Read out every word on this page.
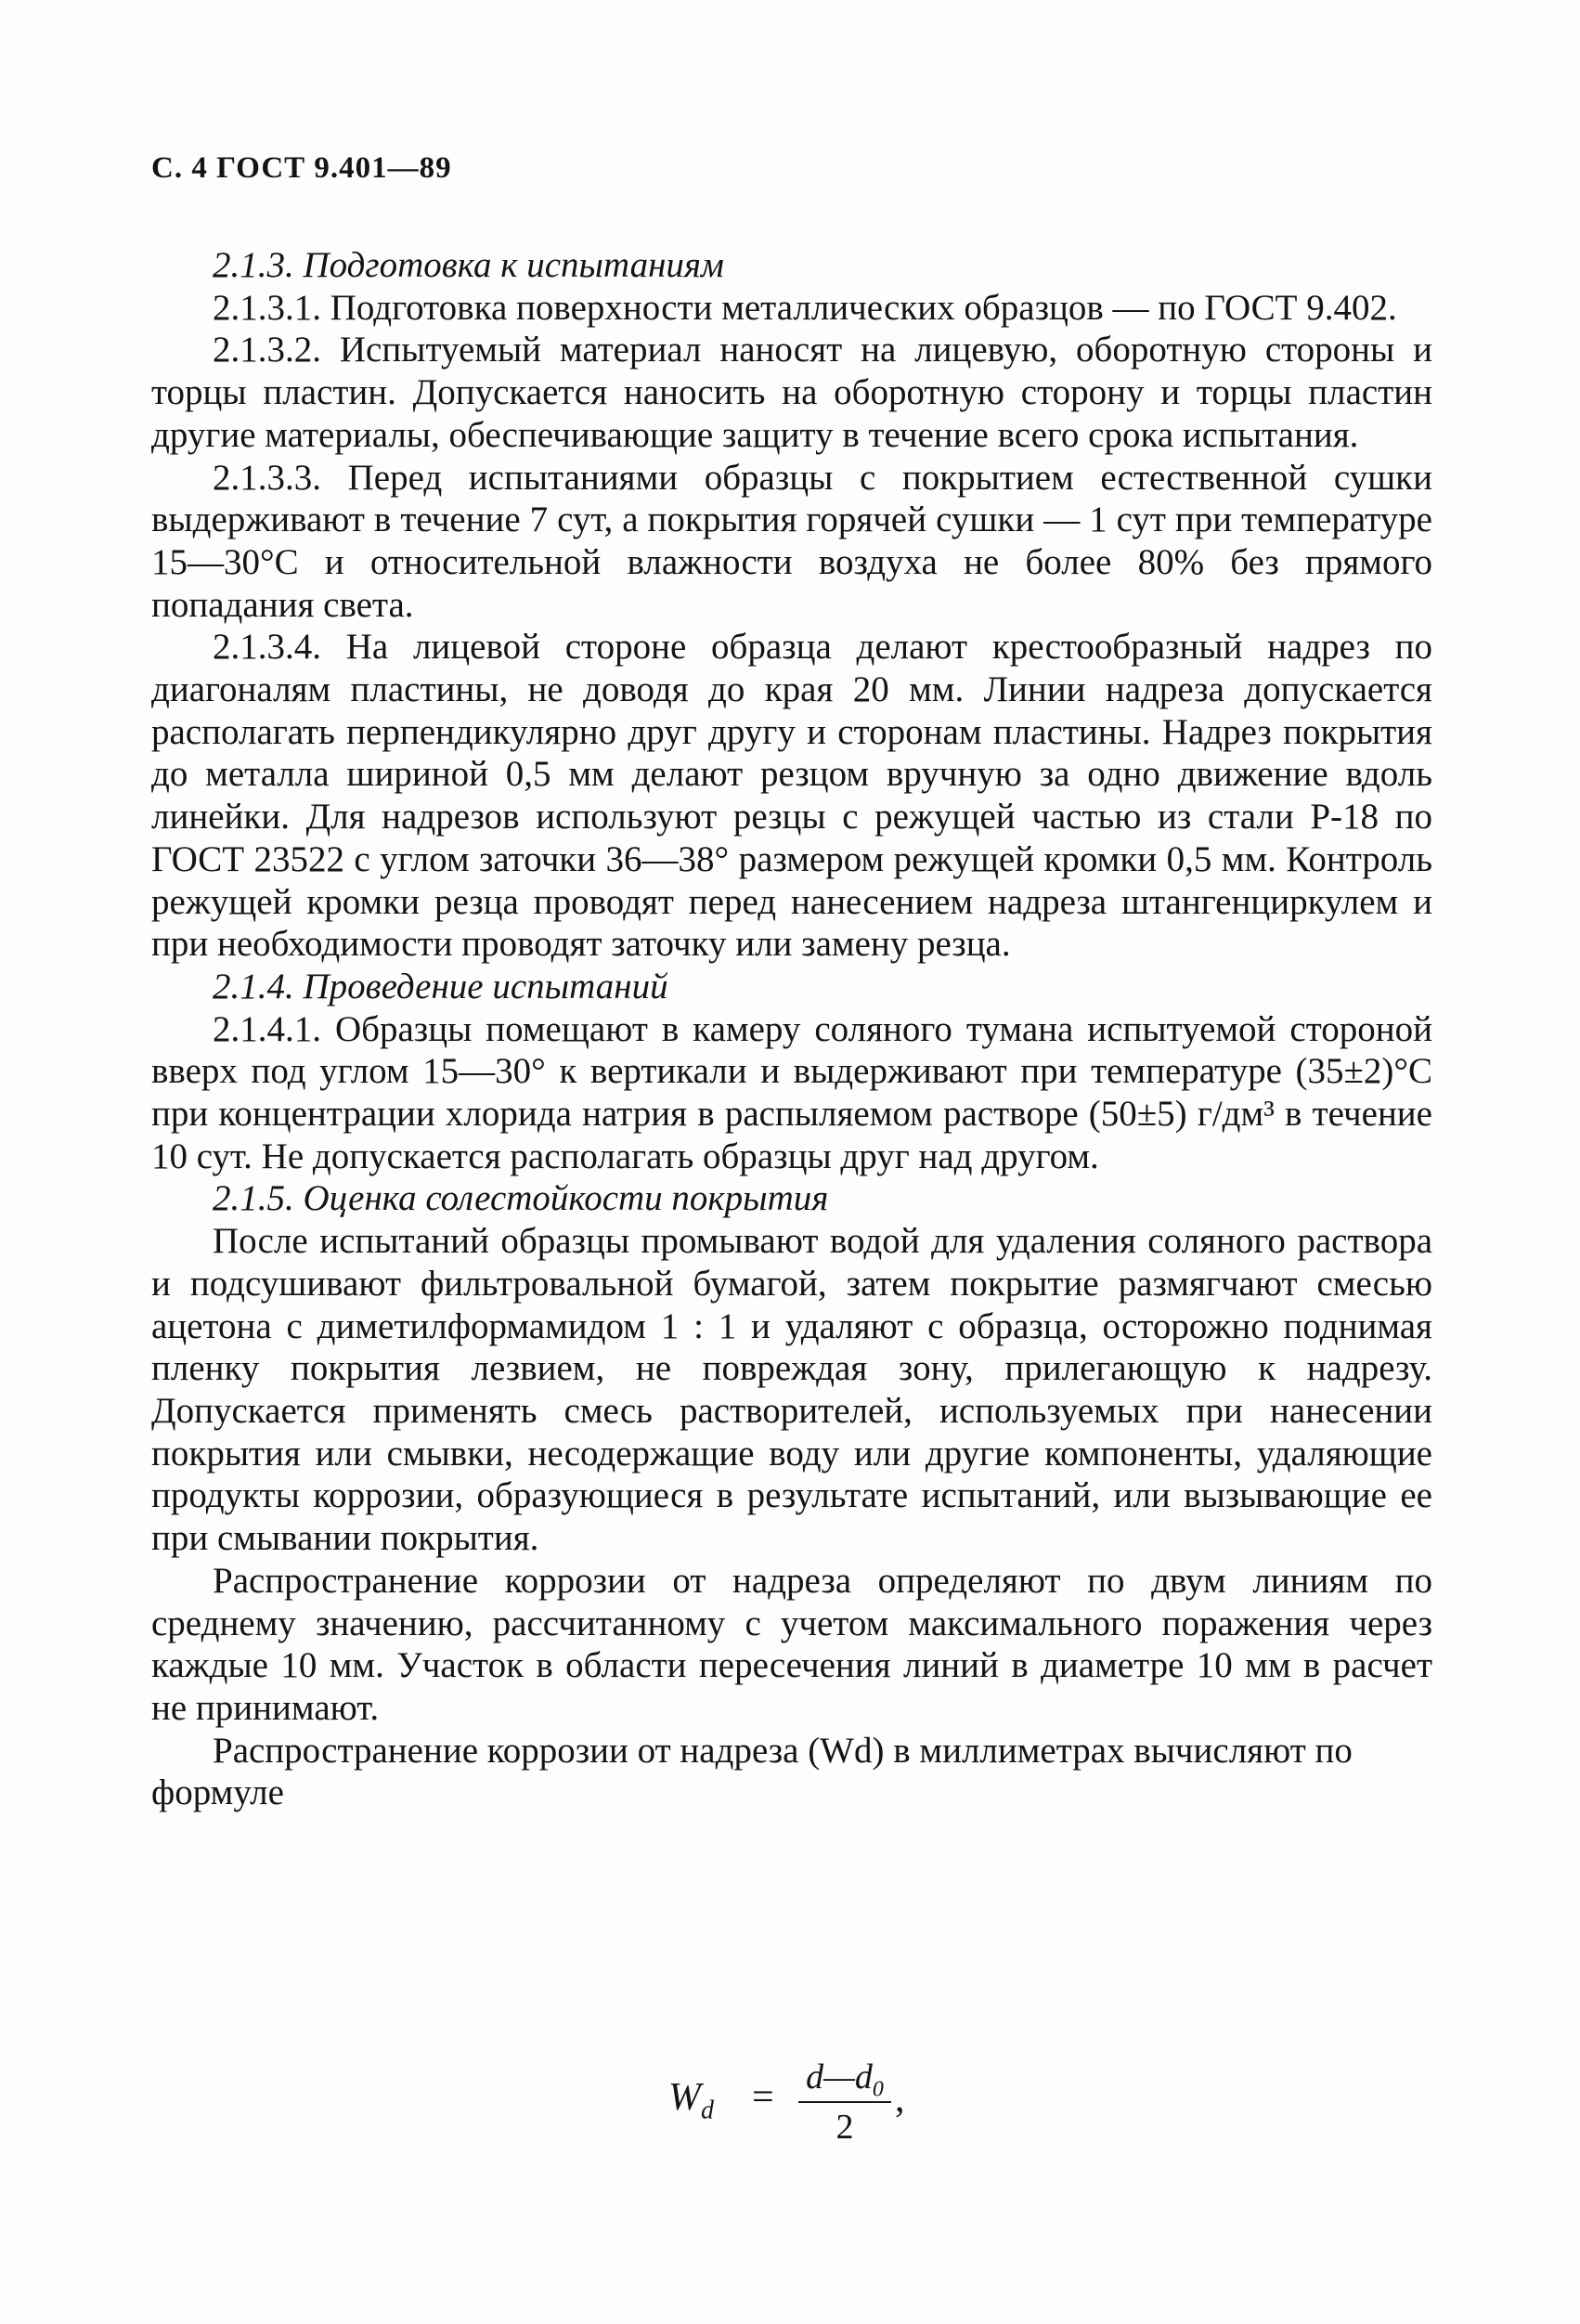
С. 4 ГОСТ 9.401—89

2.1.3. Подготовка к испытаниям

2.1.3.1. Подготовка поверхности металлических образцов — по ГОСТ 9.402.

2.1.3.2. Испытуемый материал наносят на лицевую, оборотную стороны и торцы пластин. Допускается наносить на оборотную сторону и торцы пластин другие материалы, обеспечивающие защиту в течение всего срока испытания.

2.1.3.3. Перед испытаниями образцы с покрытием естественной сушки выдерживают в течение 7 сут, а покрытия горячей сушки — 1 сут при температуре 15—30°С и относительной влажности воздуха не более 80% без прямого попадания света.

2.1.3.4. На лицевой стороне образца делают крестообразный надрез по диагоналям пластины, не доводя до края 20 мм. Линии надреза допускается располагать перпендикулярно друг другу и сторонам пластины. Надрез покрытия до металла шириной 0,5 мм делают резцом вручную за одно движение вдоль линейки. Для надрезов используют резцы с режущей частью из стали Р-18 по ГОСТ 23522 с углом заточки 36—38° размером режущей кромки 0,5 мм. Контроль режущей кромки резца проводят перед нанесением надреза штангенциркулем и при необходимости проводят заточку или замену резца.

2.1.4. Проведение испытаний

2.1.4.1. Образцы помещают в камеру соляного тумана испытуемой стороной вверх под углом 15—30° к вертикали и выдерживают при температуре (35±2)°С при концентрации хлорида натрия в распыляемом растворе (50±5) г/дм³ в течение 10 сут. Не допускается располагать образцы друг над другом.

2.1.5. Оценка солестойкости покрытия

После испытаний образцы промывают водой для удаления соляного раствора и подсушивают фильтровальной бумагой, затем покрытие размягчают смесью ацетона с диметилформамидом 1 : 1 и удаляют с образца, осторожно поднимая пленку покрытия лезвием, не повреждая зону, прилегающую к надрезу. Допускается применять смесь растворителей, используемых при нанесении покрытия или смывки, несодержащие воду или другие компоненты, удаляющие продукты коррозии, образующиеся в результате испытаний, или вызывающие ее при смывании покрытия.

Распространение коррозии от надреза определяют по двум линиям по среднему значению, рассчитанному с учетом максимального поражения через каждые 10 мм. Участок в области пересечения линий в диаметре 10 мм в расчет не принимают.

Распространение коррозии от надреза (Wd) в миллиметрах вычисляют по формуле

$W_d$ = $d—d_0$
2
,
